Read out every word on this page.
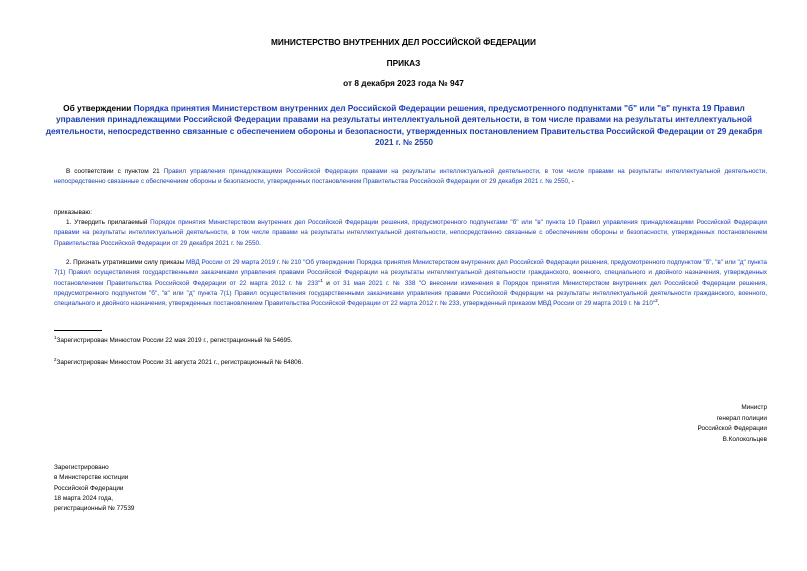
МИНИСТЕРСТВО ВНУТРЕННИХ ДЕЛ РОССИЙСКОЙ ФЕДЕРАЦИИ
ПРИКАЗ
от 8 декабря 2023 года № 947
Об утверждении Порядка принятия Министерством внутренних дел Российской Федерации решения, предусмотренного подпунктами "б" или "в" пункта 19 Правил управления принадлежащими Российской Федерации правами на результаты интеллектуальной деятельности, в том числе правами на результаты интеллектуальной деятельности, непосредственно связанные с обеспечением обороны и безопасности, утвержденных постановлением Правительства Российской Федерации от 29 декабря 2021 г. № 2550
В соответствии с пунктом 21 Правил управления принадлежащими Российской Федерации правами на результаты интеллектуальной деятельности, в том числе правами на результаты интеллектуальной деятельности, непосредственно связанные с обеспечением обороны и безопасности, утвержденных постановлением Правительства Российской Федерации от 29 декабря 2021 г. № 2550, -
приказываю:
1. Утвердить прилагаемый Порядок принятия Министерством внутренних дел Российской Федерации решения, предусмотренного подпунктами "б" или "в" пункта 19 Правил управления принадлежащими Российской Федерации правами на результаты интеллектуальной деятельности, в том числе правами на результаты интеллектуальной деятельности, непосредственно связанные с обеспечением обороны и безопасности, утвержденных постановлением Правительства Российской Федерации от 29 декабря 2021 г. № 2550.
2. Признать утратившими силу приказы МВД России от 29 марта 2019 г. № 210 "Об утверждении Порядка принятия Министерством внутренних дел Российской Федерации решения, предусмотренного подпунктом "б", "в" или "д" пункта 7(1) Правил осуществления государственными заказчиками управления правами Российской Федерации на результаты интеллектуальной деятельности гражданского, военного, специального и двойного назначения, утвержденных постановлением Правительства Российской Федерации от 22 марта 2012 г. № 233"$^1$ и от 31 мая 2021 г. № 338 "О внесении изменения в Порядок принятия Министерством внутренних дел Российской Федерации решения, предусмотренного подпунктом "б", "в" или "д" пункта 7(1) Правил осуществления государственными заказчиками управления правами Российской Федерации на результаты интеллектуальной деятельности гражданского, военного, специального и двойного назначения, утвержденных постановлением Правительства Российской Федерации от 22 марта 2012 г. № 233, утвержденный приказом МВД России от 29 марта 2019 г. № 210"$^2$.
$^1$Зарегистрирован Минюстом России 22 мая 2019 г., регистрационный № 54695.
$^2$Зарегистрирован Минюстом России 31 августа 2021 г., регистрационный № 64806.
Министр
генерал полиции
Российской Федерации
В.Колокольцев
Зарегистрировано
в Министерстве юстиции
Российской Федерации
18 марта 2024 года,
регистрационный № 77539
